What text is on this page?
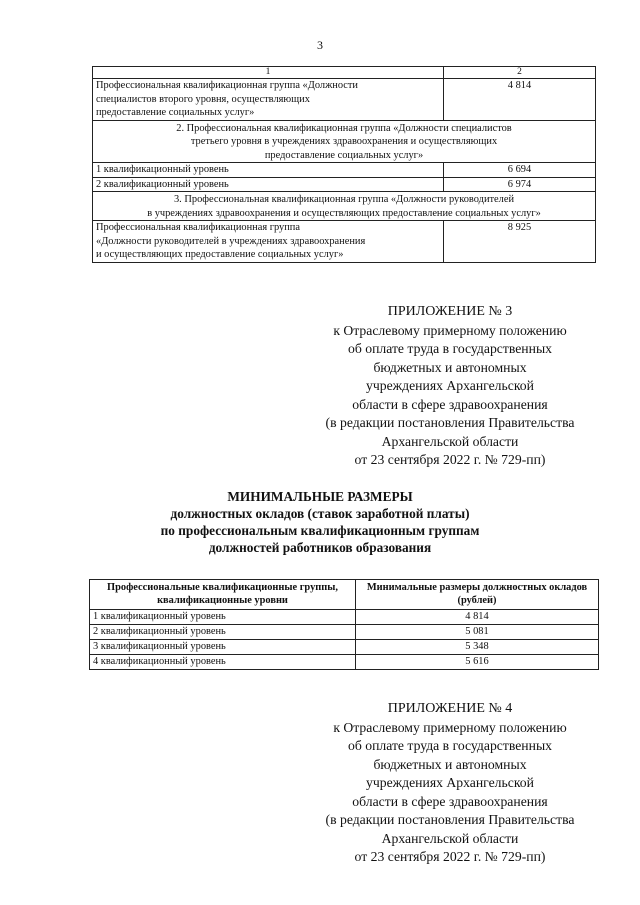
3
1	2

Профессиональная квалификационная группа «Должности
специалистов второго уровня, осуществляющих
предоставление социальных услуг»	4 814

2. Профессиональная квалификационная группа «Должности специалистов
третьего уровня в учреждениях здравоохранения и осуществляющих
предоставление социальных услуг»	

1 квалификационный уровень	6 694
2 квалификационный уровень	6 974

3. Профессиональная квалификационная группа «Должности руководителей
в учреждениях здравоохранения и осуществляющих предоставление социальных услуг»	

Профессиональная квалификационная группа
«Должности руководителей в учреждениях здравоохранения
и осуществляющих предоставление социальных услуг»	8 925
ПРИЛОЖЕНИЕ № 3
к Отраслевому примерному положению
об оплате труда в государственных
бюджетных и автономных
учреждениях Архангельской
области в сфере здравоохранения
(в редакции постановления Правительства
Архангельской области
от 23 сентября 2022 г. № 729-пп)
МИНИМАЛЬНЫЕ РАЗМЕРЫ
должностных окладов (ставок заработной платы)
по профессиональным квалификационным группам
должностей работников образования
Профессиональные квалификационные группы, квалификационные уровни	Минимальные размеры должностных окладов (рублей)
1 квалификационный уровень	4 814
2 квалификационный уровень	5 081
3 квалификационный уровень	5 348
4 квалификационный уровень	5 616
ПРИЛОЖЕНИЕ № 4
к Отраслевому примерному положению
об оплате труда в государственных
бюджетных и автономных
учреждениях Архангельской
области в сфере здравоохранения
(в редакции постановления Правительства
Архангельской области
от 23 сентября 2022 г. № 729-пп)
